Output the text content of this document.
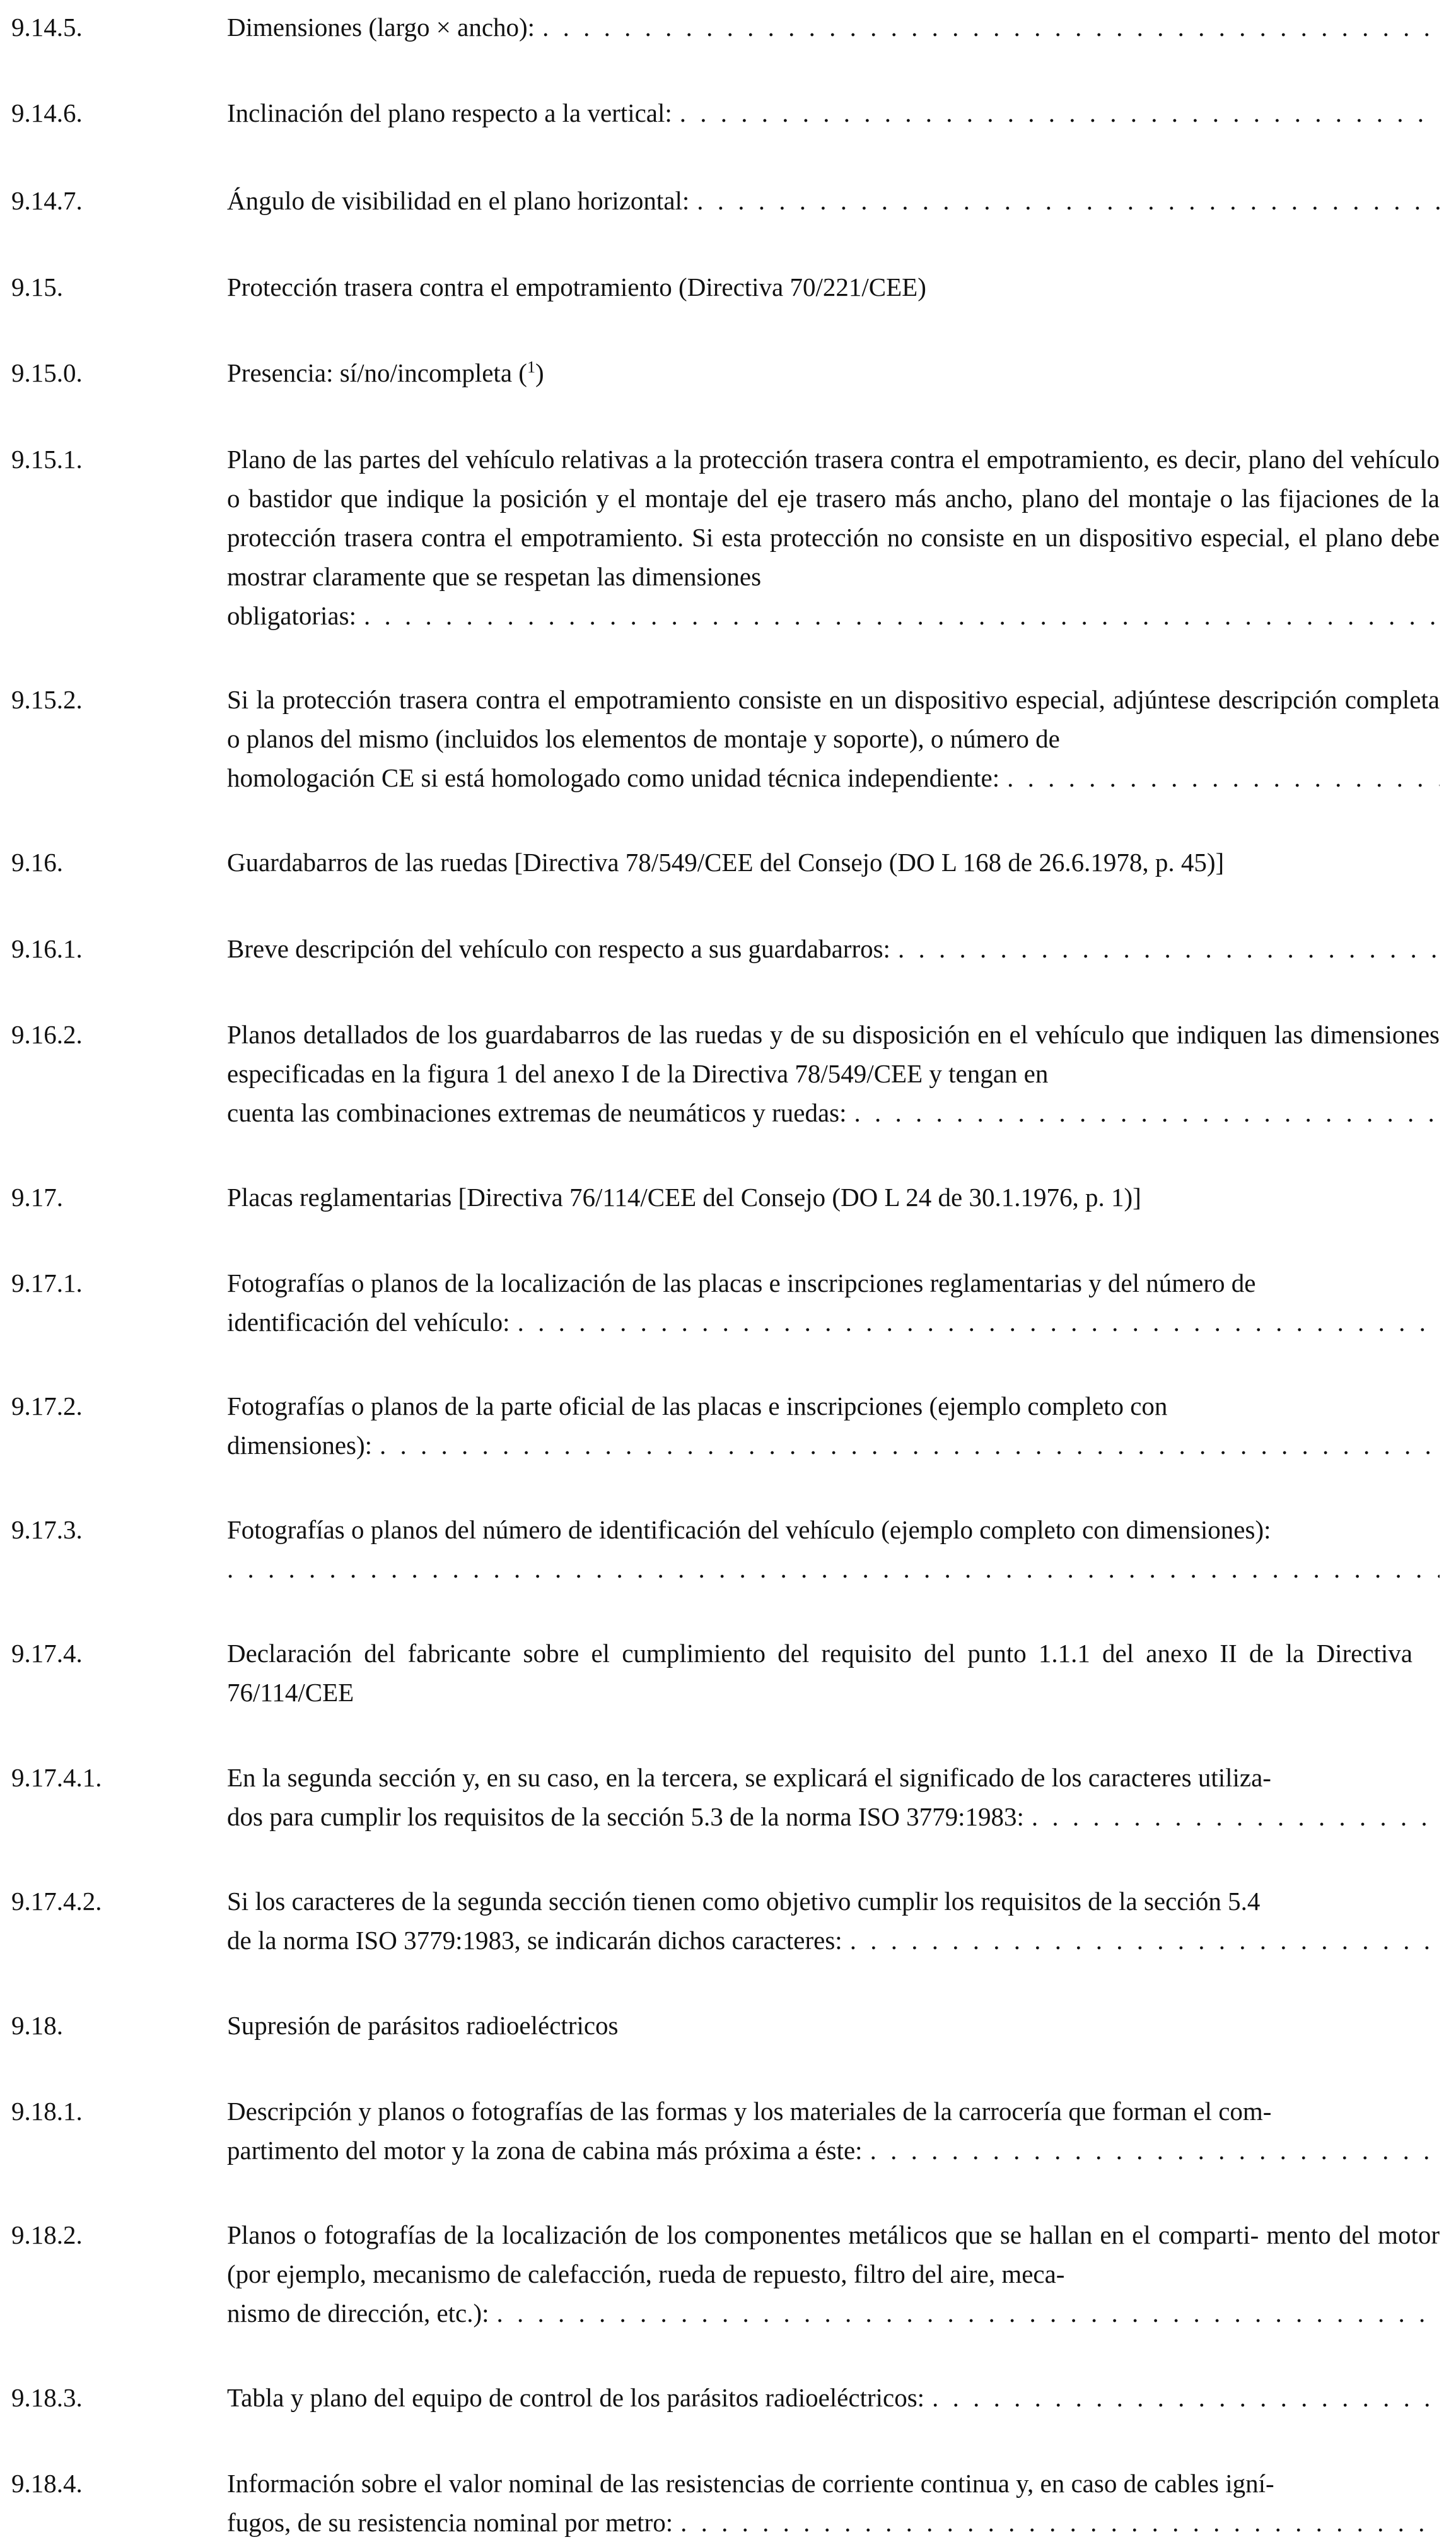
9.14.5.	Dimensiones (largo × ancho):
. . .
9.14.6.	Inclinación del plano respecto a la vertical:
. . .
9.14.7.	Ángulo de visibilidad en el plano horizontal:
. . .
9.15.	Protección trasera contra el empotramiento (Directiva 70/221/CEE)
9.15.0.	Presencia: sí/no/incompleta ($^1$)
9.15.1.	Plano de las partes del vehículo relativas a la protección trasera contra el empotramiento, es decir, plano del vehículo o bastidor que indique la posición y el montaje del eje trasero más ancho, plano del montaje o las fijaciones de la protección trasera contra el empotramiento. Si esta protección no consiste en un dispositivo especial, el plano debe mostrar claramente que se respetan las dimensiones
obligatorias:
. . .
9.15.2.	Si la protección trasera contra el empotramiento consiste en un dispositivo especial, adjúntese descripción completa o planos del mismo (incluidos los elementos de montaje y soporte), o número de
homologación CE si está homologado como unidad técnica independiente:
. . .
9.16.	Guardabarros de las ruedas [Directiva 78/549/CEE del Consejo (DO L 168 de 26.6.1978, p. 45)]
9.16.1.	Breve descripción del vehículo con respecto a sus guardabarros:
. . .
9.16.2.	Planos detallados de los guardabarros de las ruedas y de su disposición en el vehículo que indiquen las dimensiones especificadas en la figura 1 del anexo I de la Directiva 78/549/CEE y tengan en
cuenta las combinaciones extremas de neumáticos y ruedas:
. . .
9.17.	Placas reglamentarias [Directiva 76/114/CEE del Consejo (DO L 24 de 30.1.1976, p. 1)]
9.17.1.	Fotografías o planos de la localización de las placas e inscripciones reglamentarias y del número de
identificación del vehículo:
. . .
9.17.2.	Fotografías o planos de la parte oficial de las placas e inscripciones (ejemplo completo con
dimensiones):
. . .
9.17.3.	Fotografías o planos del número de identificación del vehículo (ejemplo completo con dimensiones):
. . .
9.17.4.	Declaración del fabricante sobre el cumplimiento del requisito del punto 1.1.1 del anexo II de la Directiva 76/114/CEE
9.17.4.1.	En la segunda sección y, en su caso, en la tercera, se explicará el significado de los caracteres utiliza-
dos para cumplir los requisitos de la sección 5.3 de la norma ISO 3779:1983:
. . .
9.17.4.2.	Si los caracteres de la segunda sección tienen como objetivo cumplir los requisitos de la sección 5.4
de la norma ISO 3779:1983, se indicarán dichos caracteres:
. . .
9.18.	Supresión de parásitos radioeléctricos
9.18.1.	Descripción y planos o fotografías de las formas y los materiales de la carrocería que forman el com-
partimento del motor y la zona de cabina más próxima a éste:
. . .
9.18.2.	Planos o fotografías de la localización de los componentes metálicos que se hallan en el comparti- mento del motor (por ejemplo, mecanismo de calefacción, rueda de repuesto, filtro del aire, meca-
nismo de dirección, etc.):
. . .
9.18.3.	Tabla y plano del equipo de control de los parásitos radioeléctricos:
. . .
9.18.4.	Información sobre el valor nominal de las resistencias de corriente continua y, en caso de cables igní-
fugos, de su resistencia nominal por metro:
. . .
